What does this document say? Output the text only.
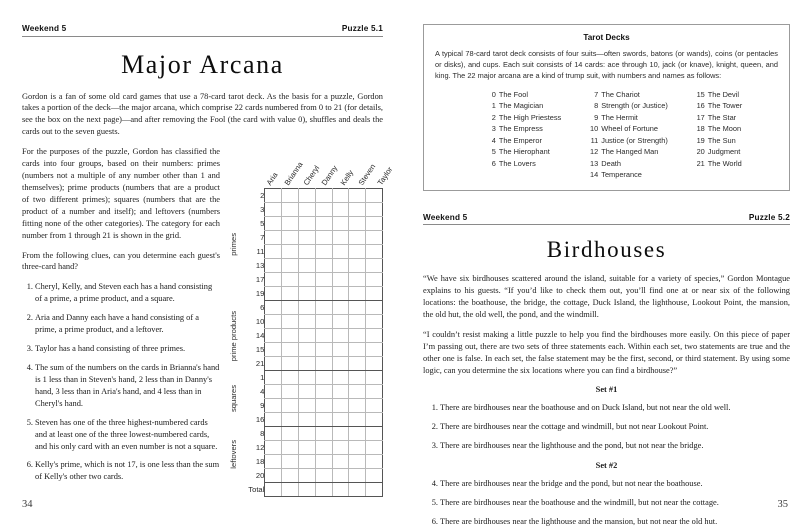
Weekend 5	Puzzle 5.1
Major Arcana

Gordon is a fan of some old card games that use a 78-card tarot deck. As the basis for a puzzle, Gordon takes a portion of the deck—the major arcana, which comprise 22 cards numbered from 0 to 21 (for details, see the box on the next page)—and after removing the Fool (the card with value 0), shuffles and deals the cards out to the seven guests.

For the purposes of the puzzle, Gordon has classified the cards into four groups, based on their numbers: primes (numbers not a multiple of any number other than 1 and themselves); prime products (numbers that are a product of two different primes); squares (numbers that are the product of a number and itself); and leftovers (numbers fitting none of the other categories). The category for each number from 1 through 21 is shown in the grid.

From the following clues, can you determine each guest's three-card hand?

Cheryl, Kelly, and Steven each has a hand consisting of a prime, a prime product, and a square.
Aria and Danny each have a hand consisting of a prime, a prime product, and a leftover.
Taylor has a hand consisting of three primes.
The sum of the numbers on the cards in Brianna's hand is 1 less than in Steven's hand, 2 less than in Danny's hand, 3 less than in Aria's hand, and 4 less than in Cheryl's hand.
Steven has one of the three highest-numbered cards and at least one of the three lowest-numbered cards, and his only card with an even number is not a square.
Kelly's prime, which is not 17, is one less than the sum of Kelly's other two cards.
Aria Brianna
Cheryl
Danny Kelly Steven
Taylor
primes	2							
	3							
	5							
	7							
	11							
	13							
	17							
	19							

prime products	6							
	10							
	14							
	15							
	21							

squares	1							
	4							
	9							
	16							

leftovers	8							
	12							
	18							
	20							
	Total							
34
Tarot Decks

A typical 78-card tarot deck consists of four suits—often swords, batons (or wands), coins (or pentacles or disks), and cups. Each suit consists of 14 cards: ace through 10, jack (or knave), knight, queen, and king. The 22 major arcana are a kind of trump suit, with numbers and names as follows:

0 The Fool
1 The Magician
2 The High Priestess
3 The Empress
4 The Emperor
5 The Hierophant
6 The Lovers
7 The Chariot
8 Strength (or Justice)
9 The Hermit
10 Wheel of Fortune
11 Justice (or Strength)
12 The Hanged Man
13 Death
14 Temperance
15 The Devil
16 The Tower
17 The Star
18 The Moon
19 The Sun
20 Judgment
21 The World
Weekend 5	Puzzle 5.2
Birdhouses

“We have six birdhouses scattered around the island, suitable for a variety of species,” Gordon Montague explains to his guests. “If you’d like to check them out, you’ll find one at or near six of the following locations: the boathouse, the bridge, the cottage, Duck Island, the lighthouse, Lookout Point, the mansion, the old hut, the old well, the pond, and the windmill.

“I couldn’t resist making a little puzzle to help you find the birdhouses more easily. On this piece of paper I’m passing out, there are two sets of three statements each. Within each set, two statements are true and the other one is false. In each set, the false statement may be the first, second, or third statement. By using some logic, can you determine the six locations where you can find a birdhouse?”

Set #1
There are birdhouses near the boathouse and on Duck Island, but not near the old well.
There are birdhouses near the cottage and windmill, but not near Lookout Point.
There are birdhouses near the lighthouse and the pond, but not near the bridge.
Set #2
There are birdhouses near the bridge and the pond, but not near the boathouse.
There are birdhouses near the boathouse and the windmill, but not near the cottage.
There are birdhouses near the lighthouse and the mansion, but not near the old hut.
35
